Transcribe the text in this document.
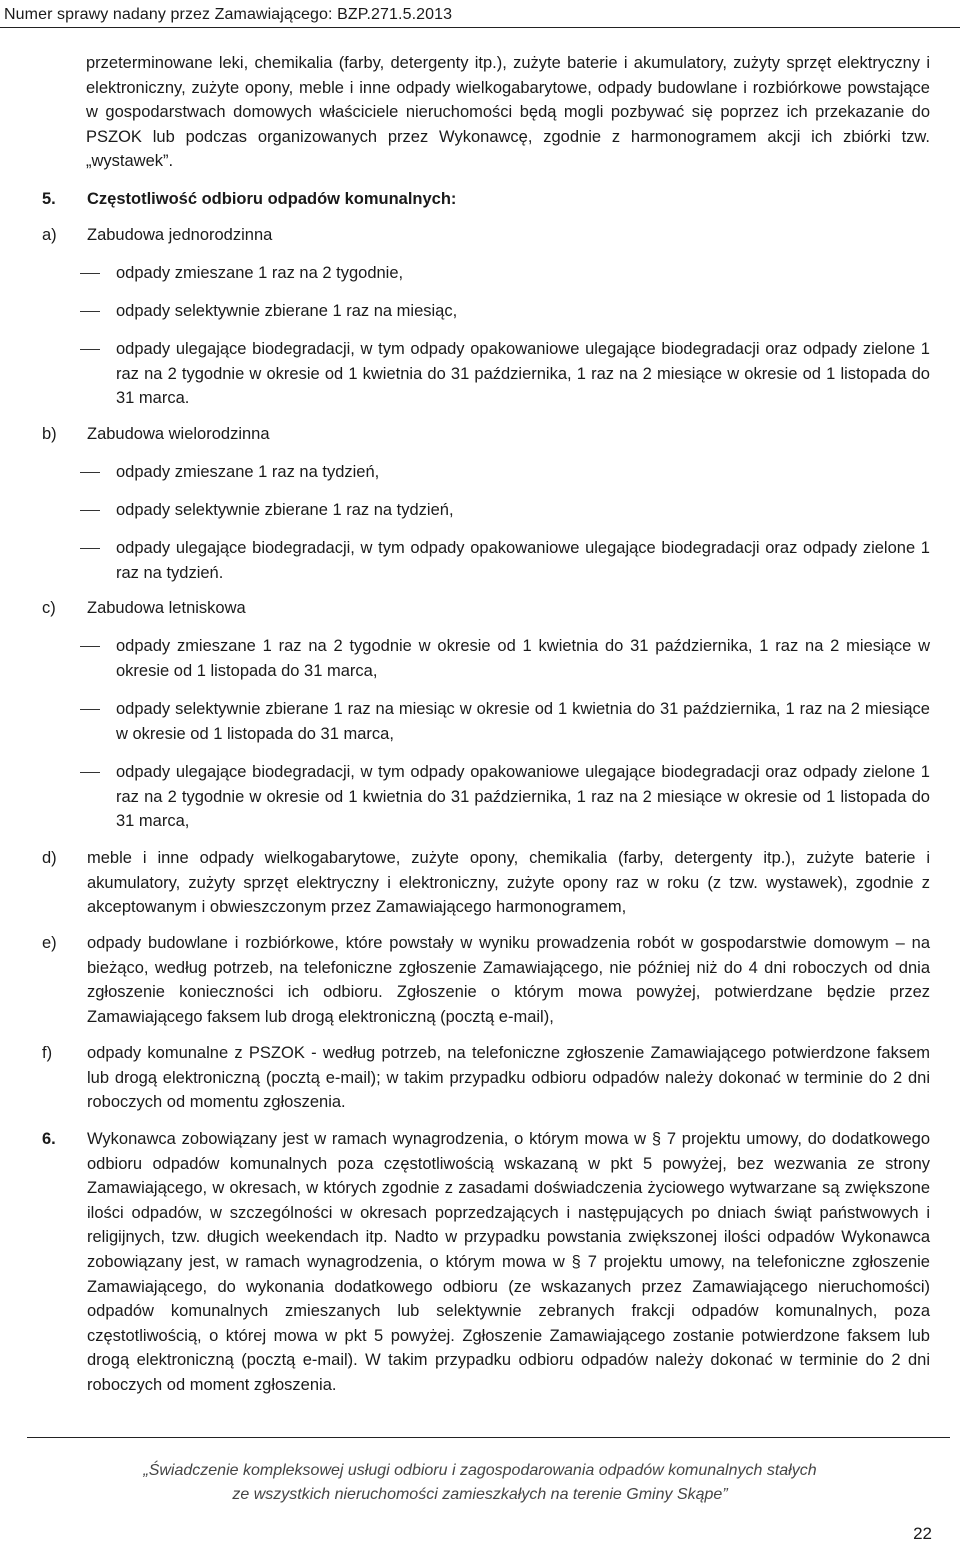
Numer sprawy nadany przez Zamawiającego: BZP.271.5.2013

przeterminowane leki, chemikalia (farby, detergenty itp.), zużyte baterie i akumulatory, zużyty sprzęt elektryczny i elektroniczny, zużyte opony, meble i inne odpady wielkogabarytowe, odpady budowlane i rozbiórkowe powstające w gospodarstwach domowych właściciele nieruchomości będą mogli pozbywać się poprzez ich przekazanie do PSZOK lub podczas organizowanych przez Wykonawcę, zgodnie z harmonogramem akcji ich zbiórki tzw. „wystawek”.

5. Częstotliwość odbioru odpadów komunalnych:
a) Zabudowa jednorodzinna
odpady zmieszane 1 raz na 2 tygodnie,
odpady selektywnie zbierane 1 raz na miesiąc,
odpady ulegające biodegradacji, w tym odpady opakowaniowe ulegające biodegradacji oraz odpady zielone 1 raz na 2 tygodnie w okresie od 1 kwietnia do 31 października, 1 raz na 2 miesiące w okresie od 1 listopada do 31 marca.
b) Zabudowa wielorodzinna
odpady zmieszane 1 raz na tydzień,
odpady selektywnie zbierane 1 raz na tydzień,
odpady ulegające biodegradacji, w tym odpady opakowaniowe ulegające biodegradacji oraz odpady zielone 1 raz na tydzień.
c) Zabudowa letniskowa
odpady zmieszane 1 raz na 2 tygodnie w okresie od 1 kwietnia do 31 października, 1 raz na 2 miesiące w okresie od 1 listopada do 31 marca,
odpady selektywnie zbierane 1 raz na miesiąc w okresie od 1 kwietnia do 31 października, 1 raz na 2 miesiące w okresie od 1 listopada do 31 marca,
odpady ulegające biodegradacji, w tym odpady opakowaniowe ulegające biodegradacji oraz odpady zielone 1 raz na 2 tygodnie w okresie od 1 kwietnia do 31 października, 1 raz na 2 miesiące w okresie od 1 listopada do 31 marca,
d) meble i inne odpady wielkogabarytowe, zużyte opony, chemikalia (farby, detergenty itp.), zużyte baterie i akumulatory, zużyty sprzęt elektryczny i elektroniczny, zużyte opony raz w roku (z tzw. wystawek), zgodnie z akceptowanym i obwieszczonym przez Zamawiającego harmonogramem,

e) odpady budowlane i rozbiórkowe, które powstały w wyniku prowadzenia robót w gospodarstwie domowym – na bieżąco, według potrzeb, na telefoniczne zgłoszenie Zamawiającego, nie później niż do 4 dni roboczych od dnia zgłoszenie konieczności ich odbioru. Zgłoszenie o którym mowa powyżej, potwierdzane będzie przez Zamawiającego faksem lub drogą elektroniczną (pocztą e-mail),

f) odpady komunalne z PSZOK - według potrzeb, na telefoniczne zgłoszenie Zamawiającego potwierdzone faksem lub drogą elektroniczną (pocztą e-mail); w takim przypadku odbioru odpadów należy dokonać w terminie do 2 dni roboczych od momentu zgłoszenia.

6. Wykonawca zobowiązany jest w ramach wynagrodzenia, o którym mowa w § 7 projektu umowy, do dodatkowego odbioru odpadów komunalnych poza częstotliwością wskazaną w pkt 5 powyżej, bez wezwania ze strony Zamawiającego, w okresach, w których zgodnie z zasadami doświadczenia życiowego wytwarzane są zwiększone ilości odpadów, w szczególności w okresach poprzedzających i następujących po dniach świąt państwowych i religijnych, tzw. długich weekendach itp. Nadto w przypadku powstania zwiększonej ilości odpadów Wykonawca zobowiązany jest, w ramach wynagrodzenia, o którym mowa w § 7 projektu umowy, na telefoniczne zgłoszenie Zamawiającego, do wykonania dodatkowego odbioru (ze wskazanych przez Zamawiającego nieruchomości) odpadów komunalnych zmieszanych lub selektywnie zebranych frakcji odpadów komunalnych, poza częstotliwością, o której mowa w pkt 5 powyżej. Zgłoszenie Zamawiającego zostanie potwierdzone faksem lub drogą elektroniczną (pocztą e-mail). W takim przypadku odbioru odpadów należy dokonać w terminie do 2 dni roboczych od moment zgłoszenia.

„Świadczenie kompleksowej usługi odbioru i zagospodarowania odpadów komunalnych stałych
ze wszystkich nieruchomości zamieszkałych na terenie Gminy Skąpe”
22
